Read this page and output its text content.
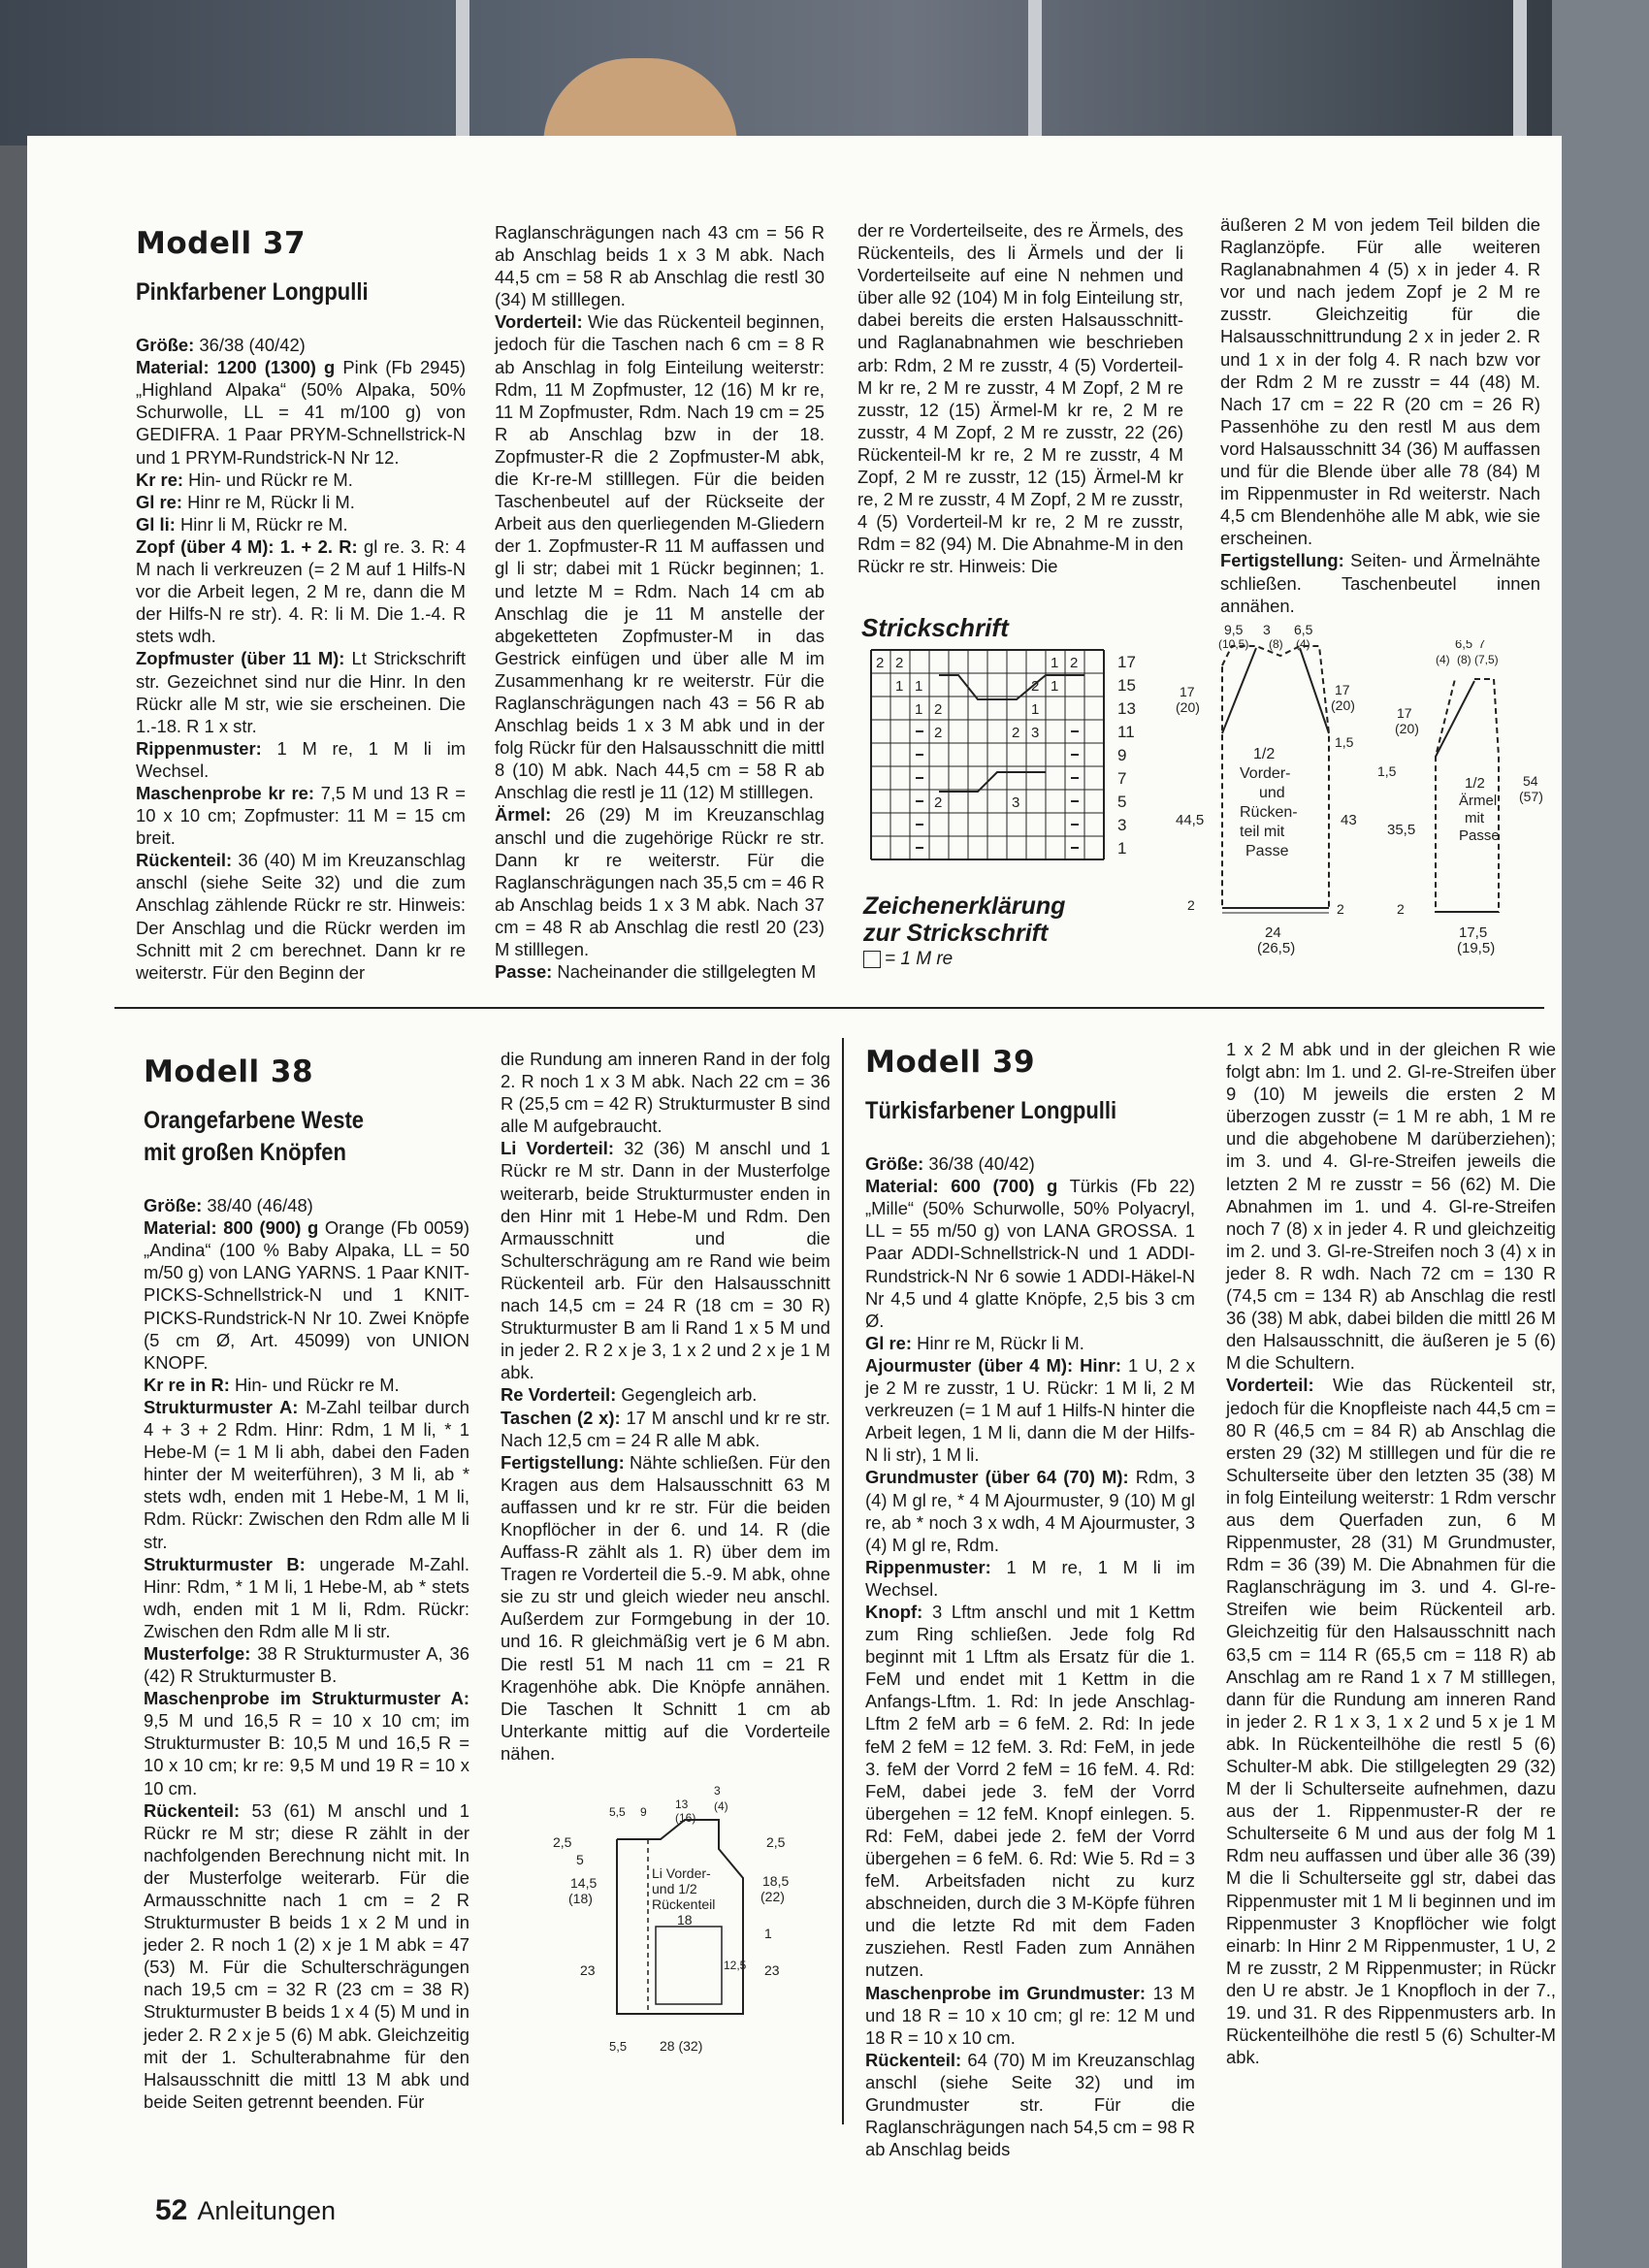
Modell 37
Pinkfarbener Longpulli

Größe: 36/38 (40/42)

Material: 1200 (1300) g Pink (Fb 2945) „Highland Alpaka“ (50% Alpaka, 50% Schurwolle, LL = 41 m/100 g) von GEDIFRA. 1 Paar PRYM-Schnellstrick-N und 1 PRYM-Rundstrick-N Nr 12.

Kr re: Hin- und Rückr re M.

Gl re: Hinr re M, Rückr li M.

Gl li: Hinr li M, Rückr re M.

Zopf (über 4 M): 1. + 2. R: gl re. 3. R: 4 M nach li verkreuzen (= 2 M auf 1 Hilfs-N vor die Arbeit legen, 2 M re, dann die M der Hilfs-N re str). 4. R: li M. Die 1.-4. R stets wdh.

Zopfmuster (über 11 M): Lt Strickschrift str. Gezeichnet sind nur die Hinr. In den Rückr alle M str, wie sie erscheinen. Die 1.-18. R 1 x str.

Rippenmuster: 1 M re, 1 M li im Wechsel.

Maschenprobe kr re: 7,5 M und 13 R = 10 x 10 cm; Zopfmuster: 11 M = 15 cm breit.

Rückenteil: 36 (40) M im Kreuzanschlag anschl (siehe Seite 32) und die zum Anschlag zählende Rückr re str. Hinweis: Der Anschlag und die Rückr werden im Schnitt mit 2 cm berechnet. Dann kr re weiterstr. Für den Beginn der

Raglanschrägungen nach 43 cm = 56 R ab Anschlag beids 1 x 3 M abk. Nach 44,5 cm = 58 R ab Anschlag die restl 30 (34) M stilllegen.

Vorderteil: Wie das Rückenteil beginnen, jedoch für die Taschen nach 6 cm = 8 R ab Anschlag in folg Einteilung weiterstr: Rdm, 11 M Zopfmuster, 12 (16) M kr re, 11 M Zopfmuster, Rdm. Nach 19 cm = 25 R ab Anschlag bzw in der 18. Zopfmuster-R die 2 Zopfmuster-M abk, die Kr-re-M stilllegen. Für die beiden Taschenbeutel auf der Rückseite der Arbeit aus den querliegenden M-Gliedern der 1. Zopfmuster-R 11 M auffassen und gl li str; dabei mit 1 Rückr beginnen; 1. und letzte M = Rdm. Nach 14 cm ab Anschlag die je 11 M anstelle der abgeketteten Zopfmuster-M in das Gestrick einfügen und über alle M im Zusammenhang kr re weiterstr. Für die Raglanschrägungen nach 43 = 56 R ab Anschlag beids 1 x 3 M abk und in der folg Rückr für den Halsausschnitt die mittl 8 (10) M abk. Nach 44,5 cm = 58 R ab Anschlag die restl je 11 (12) M stilllegen.

Ärmel: 26 (29) M im Kreuzanschlag anschl und die zugehörige Rückr re str. Dann kr re weiterstr. Für die Raglanschrägungen nach 35,5 cm = 46 R ab Anschlag beids 1 x 3 M abk. Nach 37 cm = 48 R ab Anschlag die restl 20 (23) M stilllegen.

Passe: Nacheinander die stillgelegten M

der re Vorderteilseite, des re Ärmels, des Rückenteils, des li Ärmels und der li Vorderteilseite auf eine N nehmen und über alle 92 (104) M in folg Einteilung str, dabei bereits die ersten Halsausschnitt- und Raglanabnahmen wie beschrieben arb: Rdm, 2 M re zusstr, 4 (5) Vorderteil-M kr re, 2 M re zusstr, 4 M Zopf, 2 M re zusstr, 12 (15) Ärmel-M kr re, 2 M re zusstr, 4 M Zopf, 2 M re zusstr, 22 (26) Rückenteil-M kr re, 2 M re zusstr, 4 M Zopf, 2 M re zusstr, 12 (15) Ärmel-M kr re, 2 M re zusstr, 4 M Zopf, 2 M re zusstr, 4 (5) Vorderteil-M kr re, 2 M re zusstr, Rdm = 82 (94) M. Die Abnahme-M in den Rückr re str. Hinweis: Die

äußeren 2 M von jedem Teil bilden die Raglanzöpfe. Für alle weiteren Raglanabnahmen 4 (5) x in jeder 4. R vor und nach jedem Zopf je 2 M re zusstr. Gleichzeitig für die Halsausschnittrundung 2 x in jeder 2. R und 1 x in der folg 4. R nach bzw vor der Rdm 2 M re zusstr = 44 (48) M. Nach 17 cm = 22 R (20 cm = 26 R) Passenhöhe zu den restl M aus dem vord Halsausschnitt 34 (36) M auffassen und für die Blende über alle 78 (84) M im Rippenmuster in Rd weiterstr. Nach 4,5 cm Blendenhöhe alle M abk, wie sie erscheinen.

Fertigstellung: Seiten- und Ärmelnähte schließen. Taschenbeutel innen annähen.

Strickschrift
17
15
13
11
9
7
5
3
1
2
1
1
2
2
1
1
2
2
1
1
2
2	3
2
3
Zeichenerklärung
zur Strickschrift
= 1 M re
9,5
(10,5)
3
(8)
6,5
(4)
17
(20)
44,5
17
(20)
43
2	2
1,5
1/2
Vorder-
und
Rücken-
teil mit
Passe
24
(26,5)
6,5 7
(4) (8) (7,5)
17
(20)
1,5
35,5
54
(57)
2
1/2
Ärmel
mit
Passe
17,5
(19,5)
Modell 38
Orangefarbene Weste
mit großen Knöpfen

Größe: 38/40 (46/48)

Material: 800 (900) g Orange (Fb 0059) „Andina“ (100 % Baby Alpaka, LL = 50 m/50 g) von LANG YARNS. 1 Paar KNIT-PICKS-Schnellstrick-N und 1 KNIT-PICKS-Rundstrick-N Nr 10. Zwei Knöpfe (5 cm Ø, Art. 45099) von UNION KNOPF.

Kr re in R: Hin- und Rückr re M.

Strukturmuster A: M-Zahl teilbar durch 4 + 3 + 2 Rdm. Hinr: Rdm, 1 M li, * 1 Hebe-M (= 1 M li abh, dabei den Faden hinter der M weiterführen), 3 M li, ab * stets wdh, enden mit 1 Hebe-M, 1 M li, Rdm. Rückr: Zwischen den Rdm alle M li str.

Strukturmuster B: ungerade M-Zahl. Hinr: Rdm, * 1 M li, 1 Hebe-M, ab * stets wdh, enden mit 1 M li, Rdm. Rückr: Zwischen den Rdm alle M li str.

Musterfolge: 38 R Strukturmuster A, 36 (42) R Strukturmuster B.

Maschenprobe im Strukturmuster A: 9,5 M und 16,5 R = 10 x 10 cm; im Strukturmuster B: 10,5 M und 16,5 R = 10 x 10 cm; kr re: 9,5 M und 19 R = 10 x 10 cm.

Rückenteil: 53 (61) M anschl und 1 Rückr re M str; diese R zählt in der nachfolgenden Berechnung nicht mit. In der Musterfolge weiterarb. Für die Armausschnitte nach 1 cm = 2 R Strukturmuster B beids 1 x 2 M und in jeder 2. R noch 1 (2) x je 1 M abk = 47 (53) M. Für die Schulterschrägungen nach 19,5 cm = 32 R (23 cm = 38 R) Strukturmuster B beids 1 x 4 (5) M und in jeder 2. R 2 x je 5 (6) M abk. Gleichzeitig mit der 1. Schulterabnahme für den Halsausschnitt die mittl 13 M abk und beide Seiten getrennt beenden. Für

die Rundung am inneren Rand in der folg 2. R noch 1 x 3 M abk. Nach 22 cm = 36 R (25,5 cm = 42 R) Strukturmuster B sind alle M aufgebraucht.

Li Vorderteil: 32 (36) M anschl und 1 Rückr re M str. Dann in der Musterfolge weiterarb, beide Strukturmuster enden in den Hinr mit 1 Hebe-M und Rdm. Den Armausschnitt und die Schulterschrägung am re Rand wie beim Rückenteil arb. Für den Halsausschnitt nach 14,5 cm = 24 R (18 cm = 30 R) Strukturmuster B am li Rand 1 x 5 M und in jeder 2. R 2 x je 3, 1 x 2 und 2 x je 1 M abk.

Re Vorderteil: Gegengleich arb.

Taschen (2 x): 17 M anschl und kr re str. Nach 12,5 cm = 24 R alle M abk.

Fertigstellung: Nähte schließen. Für den Kragen aus dem Halsausschnitt 63 M auffassen und kr re str. Für die beiden Knopflöcher in der 6. und 14. R (die Auffass-R zählt als 1. R) über dem im Tragen re Vorderteil die 5.-9. M abk, ohne sie zu str und gleich wieder neu anschl. Außerdem zur Formgebung in der 10. und 16. R gleichmäßig vert je 6 M abn. Die restl 51 M nach 11 cm = 21 R Kragenhöhe abk. Die Knöpfe annähen. Die Taschen lt Schnitt 1 cm ab Unterkante mittig auf die Vorderteile nähen.

5,5 9
13
(16)
3
(4)
2,5
5
14,5
(18)
23
2,5
18,5
(22)
1
23
Li Vorder-
und 1/2
Rückenteil
18
12,5
5,5 28 (32)
Modell 39
Türkisfarbener Longpulli

Größe: 36/38 (40/42)

Material: 600 (700) g Türkis (Fb 22) „Mille“ (50% Schurwolle, 50% Polyacryl, LL = 55 m/50 g) von LANA GROSSA. 1 Paar ADDI-Schnellstrick-N und 1 ADDI-Rundstrick-N Nr 6 sowie 1 ADDI-Häkel-N Nr 4,5 und 4 glatte Knöpfe, 2,5 bis 3 cm Ø.

Gl re: Hinr re M, Rückr li M.

Ajourmuster (über 4 M): Hinr: 1 U, 2 x je 2 M re zusstr, 1 U. Rückr: 1 M li, 2 M verkreuzen (= 1 M auf 1 Hilfs-N hinter die Arbeit legen, 1 M li, dann die M der Hilfs-N li str), 1 M li.

Grundmuster (über 64 (70) M): Rdm, 3 (4) M gl re, * 4 M Ajourmuster, 9 (10) M gl re, ab * noch 3 x wdh, 4 M Ajourmuster, 3 (4) M gl re, Rdm.

Rippenmuster: 1 M re, 1 M li im Wechsel.

Knopf: 3 Lftm anschl und mit 1 Kettm zum Ring schließen. Jede folg Rd beginnt mit 1 Lftm als Ersatz für die 1. FeM und endet mit 1 Kettm in die Anfangs-Lftm. 1. Rd: In jede Anschlag-Lftm 2 feM arb = 6 feM. 2. Rd: In jede feM 2 feM = 12 feM. 3. Rd: FeM, in jede 3. feM der Vorrd 2 feM = 16 feM. 4. Rd: FeM, dabei jede 3. feM der Vorrd übergehen = 12 feM. Knopf einlegen. 5. Rd: FeM, dabei jede 2. feM der Vorrd übergehen = 6 feM. 6. Rd: Wie 5. Rd = 3 feM. Arbeitsfaden nicht zu kurz abschneiden, durch die 3 M-Köpfe führen und die letzte Rd mit dem Faden zusziehen. Restl Faden zum Annähen nutzen.

Maschenprobe im Grundmuster: 13 M und 18 R = 10 x 10 cm; gl re: 12 M und 18 R = 10 x 10 cm.

Rückenteil: 64 (70) M im Kreuzanschlag anschl (siehe Seite 32) und im Grundmuster str. Für die Raglanschrägungen nach 54,5 cm = 98 R ab Anschlag beids

1 x 2 M abk und in der gleichen R wie folgt abn: Im 1. und 2. Gl-re-Streifen über 9 (10) M jeweils die ersten 2 M überzogen zusstr (= 1 M re abh, 1 M re und die abgehobene M darüberziehen); im 3. und 4. Gl-re-Streifen jeweils die letzten 2 M re zusstr = 56 (62) M. Die Abnahmen im 1. und 4. Gl-re-Streifen noch 7 (8) x in jeder 4. R und gleichzeitig im 2. und 3. Gl-re-Streifen noch 3 (4) x in jeder 8. R wdh. Nach 72 cm = 130 R (74,5 cm = 134 R) ab Anschlag die restl 36 (38) M abk, dabei bilden die mittl 26 M den Halsausschnitt, die äußeren je 5 (6) M die Schultern.

Vorderteil: Wie das Rückenteil str, jedoch für die Knopfleiste nach 44,5 cm = 80 R (46,5 cm = 84 R) ab Anschlag die ersten 29 (32) M stilllegen und für die re Schulterseite über den letzten 35 (38) M in folg Einteilung weiterstr: 1 Rdm verschr aus dem Querfaden zun, 6 M Rippenmuster, 28 (31) M Grundmuster, Rdm = 36 (39) M. Die Abnahmen für die Raglanschrägung im 3. und 4. Gl-re-Streifen wie beim Rückenteil arb. Gleichzeitig für den Halsausschnitt nach 63,5 cm = 114 R (65,5 cm = 118 R) ab Anschlag am re Rand 1 x 7 M stilllegen, dann für die Rundung am inneren Rand in jeder 2. R 1 x 3, 1 x 2 und 5 x je 1 M abk. In Rückenteilhöhe die restl 5 (6) Schulter-M abk. Die stillgelegten 29 (32) M der li Schulterseite aufnehmen, dazu aus der 1. Rippenmuster-R der re Schulterseite 6 M und aus der folg M 1 Rdm neu auffassen und über alle 36 (39) M die li Schulterseite ggl str, dabei das Rippenmuster mit 1 M li beginnen und im Rippenmuster 3 Knopflöcher wie folgt einarb: In Hinr 2 M Rippenmuster, 1 U, 2 M re zusstr, 2 M Rippenmuster; in Rückr den U re abstr. Je 1 Knopfloch in der 7., 19. und 31. R des Rippenmusters arb. In Rückenteilhöhe die restl 5 (6) Schulter-M abk.

52 Anleitungen
